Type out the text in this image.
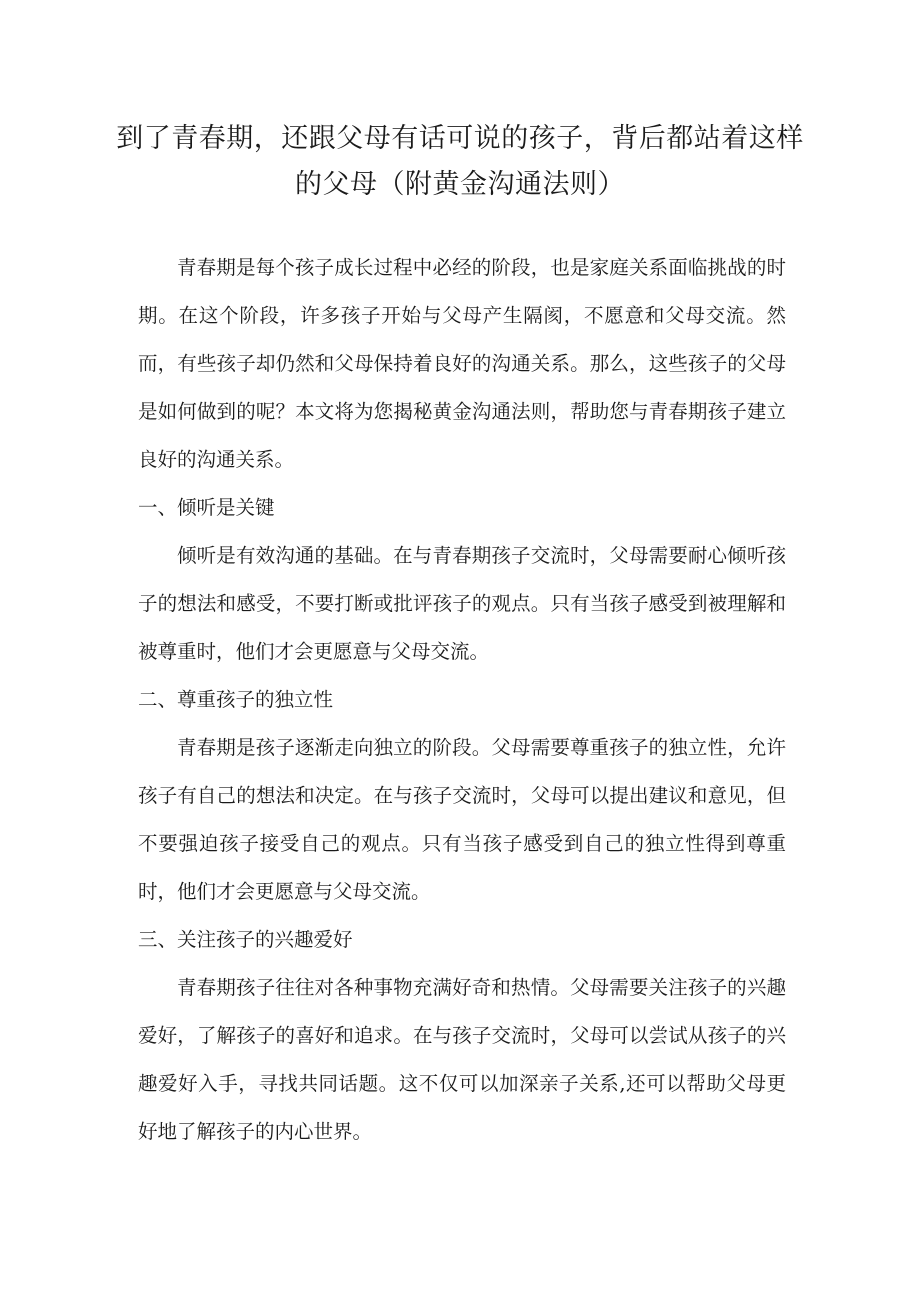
到了青春期，还跟父母有话可说的孩子，背后都站着这样的父母（附黄金沟通法则）

青春期是每个孩子成长过程中必经的阶段，也是家庭关系面临挑战的时期。在这个阶段，许多孩子开始与父母产生隔阂，不愿意和父母交流。然而，有些孩子却仍然和父母保持着良好的沟通关系。那么，这些孩子的父母是如何做到的呢？本文将为您揭秘黄金沟通法则，帮助您与青春期孩子建立良好的沟通关系。

一、倾听是关键

倾听是有效沟通的基础。在与青春期孩子交流时，父母需要耐心倾听孩子的想法和感受，不要打断或批评孩子的观点。只有当孩子感受到被理解和被尊重时，他们才会更愿意与父母交流。

二、尊重孩子的独立性

青春期是孩子逐渐走向独立的阶段。父母需要尊重孩子的独立性，允许孩子有自己的想法和决定。在与孩子交流时，父母可以提出建议和意见，但不要强迫孩子接受自己的观点。只有当孩子感受到自己的独立性得到尊重时，他们才会更愿意与父母交流。

三、关注孩子的兴趣爱好

青春期孩子往往对各种事物充满好奇和热情。父母需要关注孩子的兴趣爱好，了解孩子的喜好和追求。在与孩子交流时，父母可以尝试从孩子的兴趣爱好入手，寻找共同话题。这不仅可以加深亲子关系,还可以帮助父母更好地了解孩子的内心世界。
